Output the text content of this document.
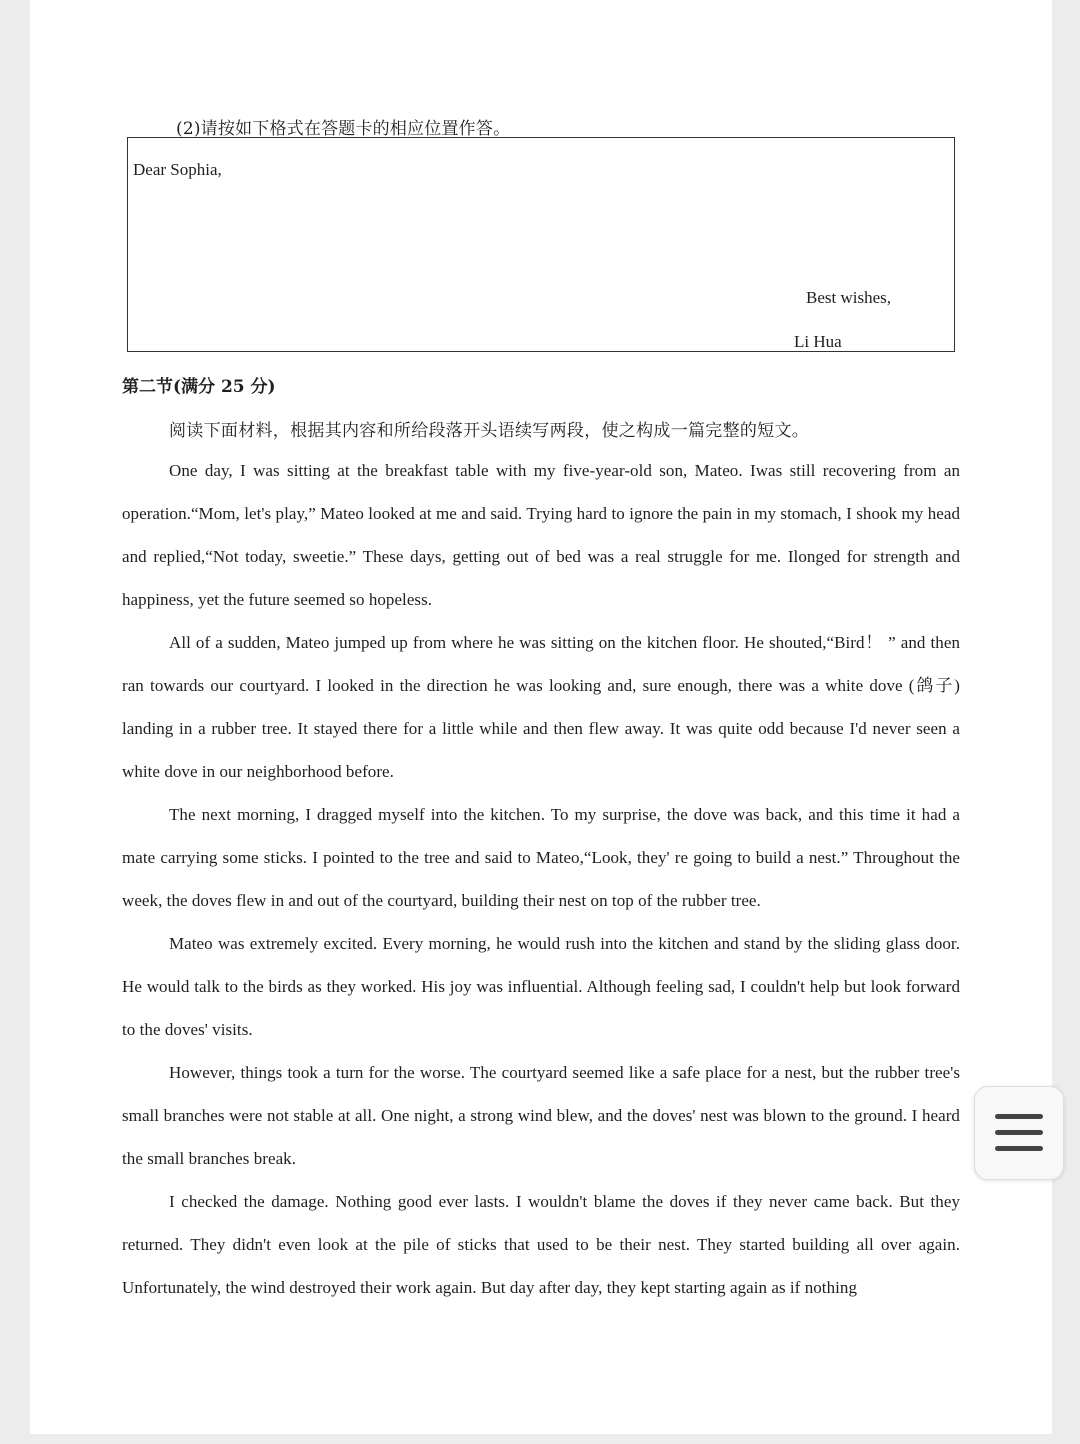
(2)请按如下格式在答题卡的相应位置作答。
Dear Sophia,
Best wishes,
Li Hua
第二节(满分 25 分)
阅读下面材料，根据其内容和所给段落开头语续写两段，使之构成一篇完整的短文。

One day, I was sitting at the breakfast table with my five-year-old son, Mateo. Iwas still recovering from an operation.“Mom, let's play,” Mateo looked at me and said. Trying hard to ignore the pain in my stomach, I shook my head and replied,“Not today, sweetie.” These days, getting out of bed was a real struggle for me. Ilonged for strength and happiness, yet the future seemed so hopeless.

All of a sudden, Mateo jumped up from where he was sitting on the kitchen floor. He shouted,“Bird！ ” and then ran towards our courtyard. I looked in the direction he was looking and, sure enough, there was a white dove (鸽子) landing in a rubber tree. It stayed there for a little while and then flew away. It was quite odd because I'd never seen a white dove in our neighborhood before.

The next morning, I dragged myself into the kitchen. To my surprise, the dove was back, and this time it had a mate carrying some sticks. I pointed to the tree and said to Mateo,“Look, they' re going to build a nest.” Throughout the week, the doves flew in and out of the courtyard, building their nest on top of the rubber tree.

Mateo was extremely excited. Every morning, he would rush into the kitchen and stand by the sliding glass door. He would talk to the birds as they worked. His joy was influential. Although feeling sad, I couldn't help but look forward to the doves' visits.

However, things took a turn for the worse. The courtyard seemed like a safe place for a nest, but the rubber tree's small branches were not stable at all. One night, a strong wind blew, and the doves' nest was blown to the ground. I heard the small branches break.

I checked the damage. Nothing good ever lasts. I wouldn't blame the doves if they never came back. But they returned. They didn't even look at the pile of sticks that used to be their nest. They started building all over again. Unfortunately, the wind destroyed their work again. But day after day, they kept starting again as if nothing
